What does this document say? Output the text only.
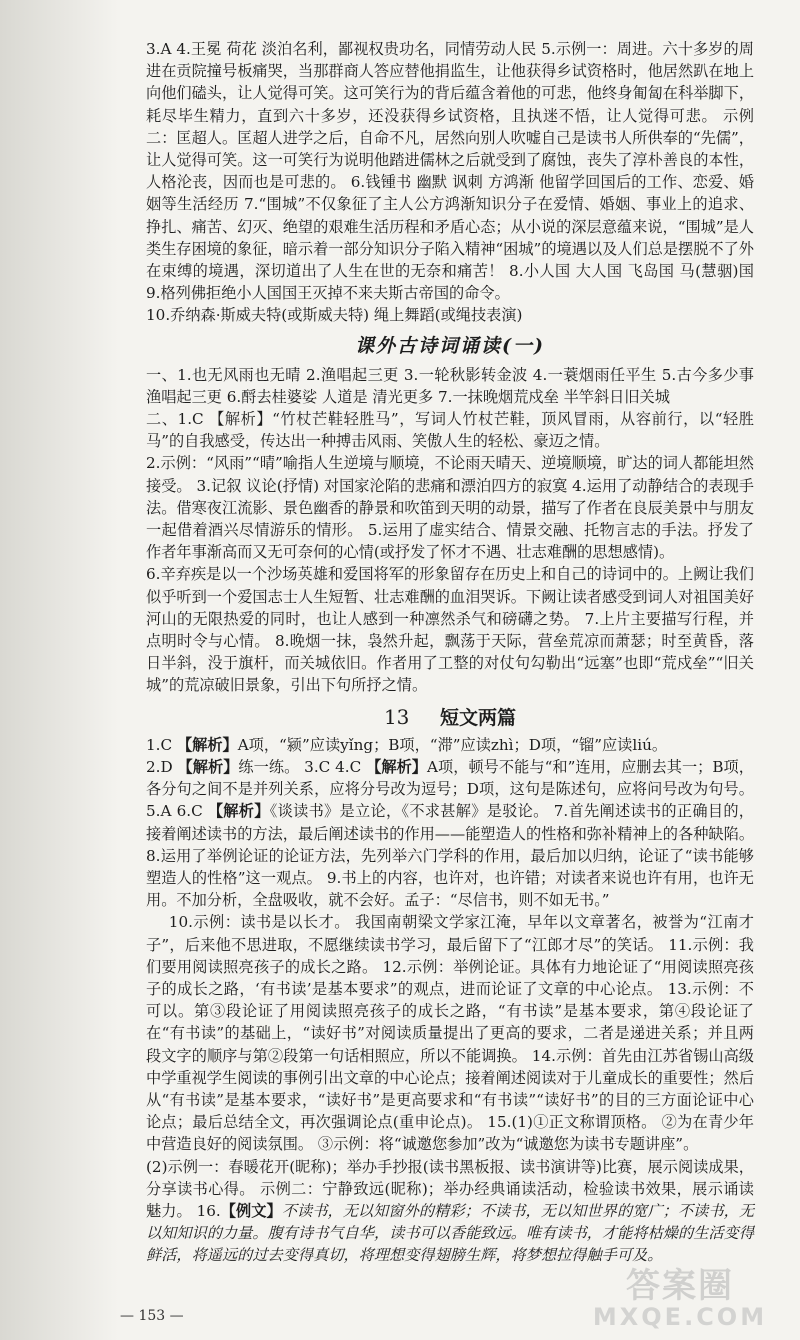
3.A 4.王冕 荷花 淡泊名利，鄙视权贵功名，同情劳动人民 5.示例一：周进。六十多岁的周进在贡院撞号板痛哭，当那群商人答应替他捐监生，让他获得乡试资格时，他居然趴在地上向他们磕头，让人觉得可笑。这可笑行为的背后蕴含着他的可悲，他终身匍匐在科举脚下，耗尽毕生精力，直到六十多岁，还没获得乡试资格，且执迷不悟，让人觉得可悲。 示例二：匡超人。匡超人进学之后，自命不凡，居然向别人吹嘘自己是读书人所供奉的“先儒”，让人觉得可笑。这一可笑行为说明他踏进儒林之后就受到了腐蚀，丧失了淳朴善良的本性，人格沦丧，因而也是可悲的。 6.钱锺书 幽默 讽刺 方鸿渐 他留学回国后的工作、恋爱、婚姻等生活经历 7.“围城”不仅象征了主人公方鸿渐知识分子在爱情、婚姻、事业上的追求、挣扎、痛苦、幻灭、绝望的艰难生活历程和矛盾心态；从小说的深层意蕴来说，“围城”是人类生存困境的象征，暗示着一部分知识分子陷入精神“困城”的境遇以及人们总是摆脱不了外在束缚的境遇，深切道出了人生在世的无奈和痛苦！ 8.小人国 大人国 飞岛国 马(慧骃)国 9.格列佛拒绝小人国国王灭掉不来夫斯古帝国的命令。

10.乔纳森·斯威夫特(或斯威夫特) 绳上舞蹈(或绳技表演)

课外古诗词诵读(一)

一、1.也无风雨也无晴 2.渔唱起三更 3.一轮秋影转金波 4.一蓑烟雨任平生 5.古今多少事 渔唱起三更 6.酹去桂婆娑 人道是 清光更多 7.一抹晚烟荒戍垒 半竿斜日旧关城

二、1.C 【解析】“竹杖芒鞋轻胜马”，写词人竹杖芒鞋，顶风冒雨，从容前行，以“轻胜马”的自我感受，传达出一种搏击风雨、笑傲人生的轻松、豪迈之情。

2.示例：“风雨”“晴”喻指人生逆境与顺境，不论雨天晴天、逆境顺境，旷达的词人都能坦然接受。 3.记叙 议论(抒情) 对国家沦陷的悲痛和漂泊四方的寂寞 4.运用了动静结合的表现手法。借寒夜江流影、景色幽香的静景和吹笛到天明的动景，描写了作者在良辰美景中与朋友一起借着酒兴尽情游乐的情形。 5.运用了虚实结合、情景交融、托物言志的手法。抒发了作者年事渐高而又无可奈何的心情(或抒发了怀才不遇、壮志难酬的思想感情)。

6.辛弃疾是以一个沙场英雄和爱国将军的形象留存在历史上和自己的诗词中的。上阙让我们似乎听到一个爱国志士人生短暂、壮志难酬的血泪哭诉。下阙让读者感受到词人对祖国美好河山的无限热爱的同时，也让人感到一种凛然杀气和磅礴之势。 7.上片主要描写行程，并点明时令与心情。 8.晚烟一抹，袅然升起，飘荡于天际，营垒荒凉而萧瑟；时至黄昏，落日半斜，没于旗杆，而关城依旧。作者用了工整的对仗句勾勒出“远塞”也即“荒戍垒”“旧关城”的荒凉破旧景象，引出下句所抒之情。

13 短文两篇

1.C 【解析】A项，“颍”应读yǐng；B项，“滞”应读zhì；D项，“镏”应读liú。

2.D 【解析】练一练。 3.C 4.C 【解析】A项，顿号不能与“和”连用，应删去其一；B项，各分句之间不是并列关系，应将分号改为逗号；D项，这句是陈述句，应将问号改为句号。 5.A 6.C 【解析】《谈读书》是立论，《不求甚解》是驳论。 7.首先阐述读书的正确目的，接着阐述读书的方法，最后阐述读书的作用——能塑造人的性格和弥补精神上的各种缺陷。 8.运用了举例论证的论证方法，先列举六门学科的作用，最后加以归纳，论证了“读书能够塑造人的性格”这一观点。 9.书上的内容，也许对，也许错；对读者来说也许有用，也许无用。不加分析，全盘吸收，就不会好。孟子：“尽信书，则不如无书。”

10.示例：读书是以长才。 我国南朝梁文学家江淹，早年以文章著名，被誉为“江南才子”，后来他不思进取，不愿继续读书学习，最后留下了“江郎才尽”的笑话。 11.示例：我们要用阅读照亮孩子的成长之路。 12.示例：举例论证。具体有力地论证了“用阅读照亮孩子的成长之路，‘有书读’是基本要求”的观点，进而论证了文章的中心论点。 13.示例：不可以。第③段论证了用阅读照亮孩子的成长之路，“有书读”是基本要求，第④段论证了在“有书读”的基础上，“读好书”对阅读质量提出了更高的要求，二者是递进关系；并且两段文字的顺序与第②段第一句话相照应，所以不能调换。 14.示例：首先由江苏省锡山高级中学重视学生阅读的事例引出文章的中心论点；接着阐述阅读对于儿童成长的重要性；然后从“有书读”是基本要求，“读好书”是更高要求和“有书读”“读好书”的目的三方面论证中心论点；最后总结全文，再次强调论点(重申论点)。 15.(1)①正文称谓顶格。 ②为在青少年中营造良好的阅读氛围。 ③示例：将“诚邀您参加”改为“诚邀您为读书专题讲座”。

(2)示例一：春暖花开(昵称)；举办手抄报(读书黑板报、读书演讲等)比赛，展示阅读成果，分享读书心得。 示例二：宁静致远(昵称)；举办经典诵读活动，检验读书效果，展示诵读魅力。 16.【例文】不读书，无以知窗外的精彩；不读书，无以知世界的宽广；不读书，无以知知识的力量。腹有诗书气自华，读书可以香能致远。唯有读书，才能将枯燥的生活变得鲜活，将遥远的过去变得真切，将理想变得翅膀生辉，将梦想拉得触手可及。

— 153 —
答案圈
MXQE.COM
